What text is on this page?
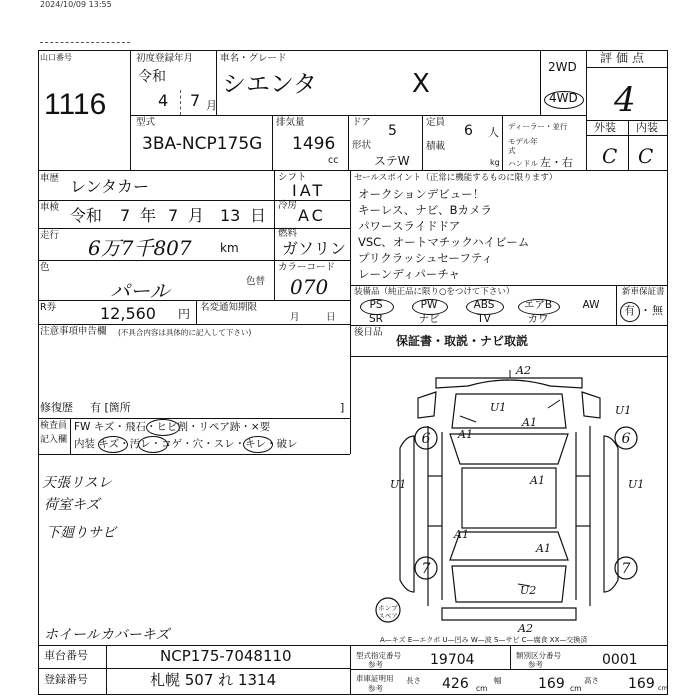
2024/10/09 13:55
山口番号
1116
初度登録年月
令和
4 7 月
車名・グレード
シエンタ	X
2WD
4WD
評価点
4
外装 内装
C C
型式
3BA-NCP175G
排気量
1496
cc
ドア
5
形状
ステW
定員
6 人
積載
kg
ディーラー・並行
モデル年式
ハンドル 左・右
車歴 レンタカー	シフト
IAT
車検 令和 7 年 7 月 13 日
冷房
AC
走行
6万7千807 km
燃料
ガソリン
色
パール	色替
カラーコード
070
R券	12,560 円 名変通知期限
月	日
注意事項申告欄 (不具合内容は具体的に記入して下さい)
修復歴 有 [箇所	]
検査員
記入欄
FW キズ・飛石・ヒビ割・リペア跡・×要
内装 キズ・汚レ・コゲ・穴・スレ・キレ・破レ
天張リスレ
荷室キズ
下廻りサビ
ホイールカバーキズ
セールスポイント（正常に機能するものに限ります）
オークションデビュー！
キーレス、ナビ、Bカメラ
パワースライドドア
VSC、オートマチックハイビーム
プリクラッシュセーフティ
レーンディパーチャ
装備品（純正品に限り○をつけて下さい）	新車保証書
有 ・ 無
PS	PW	ABS	エアB	AW
SR	ナビ	TV	カワ
後日品
保証書・取説・ナビ取説
A2
U1
A1
U1
A1
U1	A1	U1
A1
A1
U2
A2
6	6
7	7
ホンプ
スペア
A—キズ E—エクボ U—凹み W—波 S—サビ C—腐食 XX—交換済
車台番号	NCP175-7048110
登録番号	札幌 507 れ 1314
型式指定番号
参考	19704	類別区分番号
参考	0001
車庫証明用
参考
長さ 426 cm
幅	169 cm
高さ 169 cm
